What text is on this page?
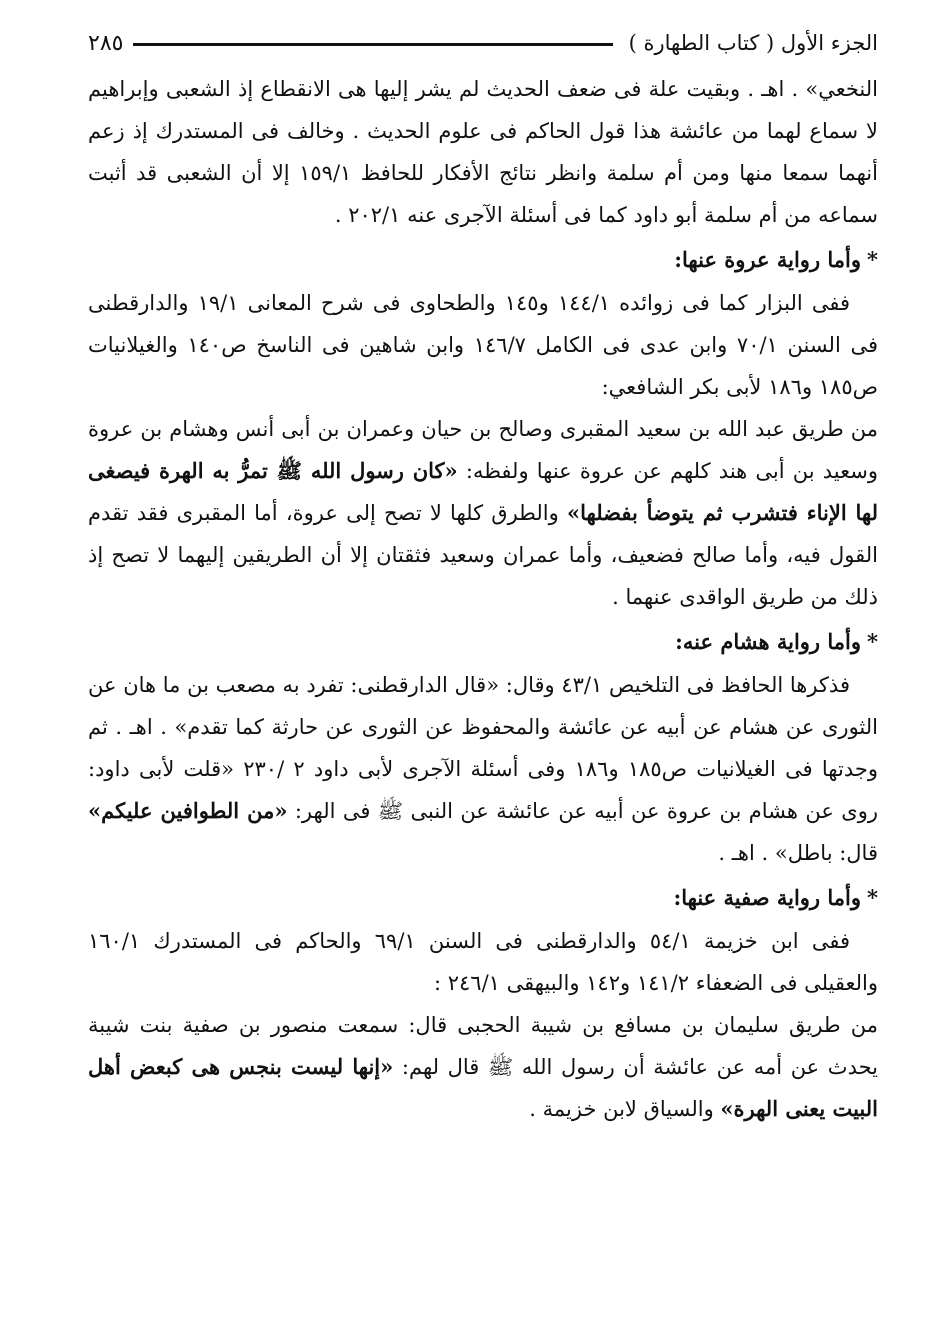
الجزء الأول ( كتاب الطهارة )
٢٨٥

النخعي» . اهـ . وبقيت علة فى ضعف الحديث لم يشر إليها هى الانقطاع إذ الشعبى وإبراهيم لا سماع لهما من عائشة هذا قول الحاكم فى علوم الحديث . وخالف فى المستدرك إذ زعم أنهما سمعا منها ومن أم سلمة وانظر نتائج الأفكار للحافظ ١٥٩/١ إلا أن الشعبى قد أثبت سماعه من أم سلمة أبو داود كما فى أسئلة الآجرى عنه ٢٠٢/١ .

*وأما رواية عروة عنها:

ففى البزار كما فى زوائده ١٤٤/١ و١٤٥ والطحاوى فى شرح المعانى ١٩/١ والدارقطنى فى السنن ٧٠/١ وابن عدى فى الكامل ١٤٦/٧ وابن شاهين فى الناسخ ص١٤٠ والغيلانيات ص١٨٥ و١٨٦ لأبى بكر الشافعي:

من طريق عبد الله بن سعيد المقبرى وصالح بن حيان وعمران بن أبى أنس وهشام بن عروة وسعيد بن أبى هند كلهم عن عروة عنها ولفظه: «كان رسول الله ﷺ تمرُّ به الهرة فيصغى لها الإناء فتشرب ثم يتوضأ بفضلها» والطرق كلها لا تصح إلى عروة، أما المقبرى فقد تقدم القول فيه، وأما صالح فضعيف، وأما عمران وسعيد فثقتان إلا أن الطريقين إليهما لا تصح إذ ذلك من طريق الواقدى عنهما .

*وأما رواية هشام عنه:

فذكرها الحافظ فى التلخيص ٤٣/١ وقال: «قال الدارقطنى: تفرد به مصعب بن ما هان عن الثورى عن هشام عن أبيه عن عائشة والمحفوظ عن الثورى عن حارثة كما تقدم» . اهـ . ثم وجدتها فى الغيلانيات ص١٨٥ و١٨٦ وفى أسئلة الآجرى لأبى داود ٢ /٢٣٠ «قلت لأبى داود: روى عن هشام بن عروة عن أبيه عن عائشة عن النبى ﷺ فى الهر: «من الطوافين عليكم» قال: باطل» . اهـ .

*وأما رواية صفية عنها:

ففى ابن خزيمة ٥٤/١ والدارقطنى فى السنن ٦٩/١ والحاكم فى المستدرك ١٦٠/١ والعقيلى فى الضعفاء ١٤١/٢ و١٤٢ والبيهقى ٢٤٦/١ :

من طريق سليمان بن مسافع بن شيبة الحجبى قال: سمعت منصور بن صفية بنت شيبة يحدث عن أمه عن عائشة أن رسول الله ﷺ قال لهم: «إنها ليست بنجس هى كبعض أهل البيت يعنى الهرة» والسياق لابن خزيمة .
